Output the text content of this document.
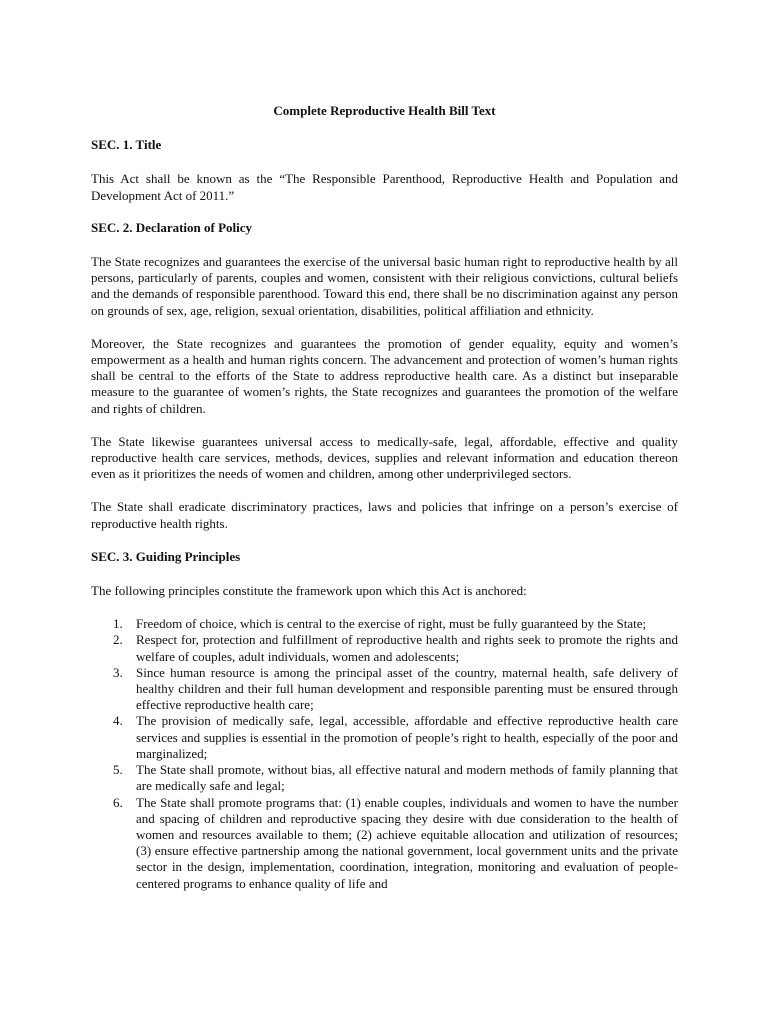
Complete Reproductive Health Bill Text
SEC. 1. Title
This Act shall be known as the “The Responsible Parenthood, Reproductive Health and Population and Development Act of 2011.”
SEC. 2. Declaration of Policy
The State recognizes and guarantees the exercise of the universal basic human right to reproductive health by all persons, particularly of parents, couples and women, consistent with their religious convictions, cultural beliefs and the demands of responsible parenthood. Toward this end, there shall be no discrimination against any person on grounds of sex, age, religion, sexual orientation, disabilities, political affiliation and ethnicity.
Moreover, the State recognizes and guarantees the promotion of gender equality, equity and women’s empowerment as a health and human rights concern. The advancement and protection of women’s human rights shall be central to the efforts of the State to address reproductive health care. As a distinct but inseparable measure to the guarantee of women’s rights, the State recognizes and guarantees the promotion of the welfare and rights of children.
The State likewise guarantees universal access to medically-safe, legal, affordable, effective and quality reproductive health care services, methods, devices, supplies and relevant information and education thereon even as it prioritizes the needs of women and children, among other underprivileged sectors.
The State shall eradicate discriminatory practices, laws and policies that infringe on a person’s exercise of reproductive health rights.
SEC. 3. Guiding Principles
The following principles constitute the framework upon which this Act is anchored:
1.	Freedom of choice, which is central to the exercise of right, must be fully guaranteed by the State;
2.	Respect for, protection and fulfillment of reproductive health and rights seek to promote the rights and welfare of couples, adult individuals, women and adolescents;
3.	Since human resource is among the principal asset of the country, maternal health, safe delivery of healthy children and their full human development and responsible parenting must be ensured through effective reproductive health care;
4.	The provision of medically safe, legal, accessible, affordable and effective reproductive health care services and supplies is essential in the promotion of people’s right to health, especially of the poor and marginalized;
5.	The State shall promote, without bias, all effective natural and modern methods of family planning that are medically safe and legal;
6.	The State shall promote programs that: (1) enable couples, individuals and women to have the number and spacing of children and reproductive spacing they desire with due consideration to the health of women and resources available to them; (2) achieve equitable allocation and utilization of resources; (3) ensure effective partnership among the national government, local government units and the private sector in the design, implementation, coordination, integration, monitoring and evaluation of people-centered programs to enhance quality of life and
